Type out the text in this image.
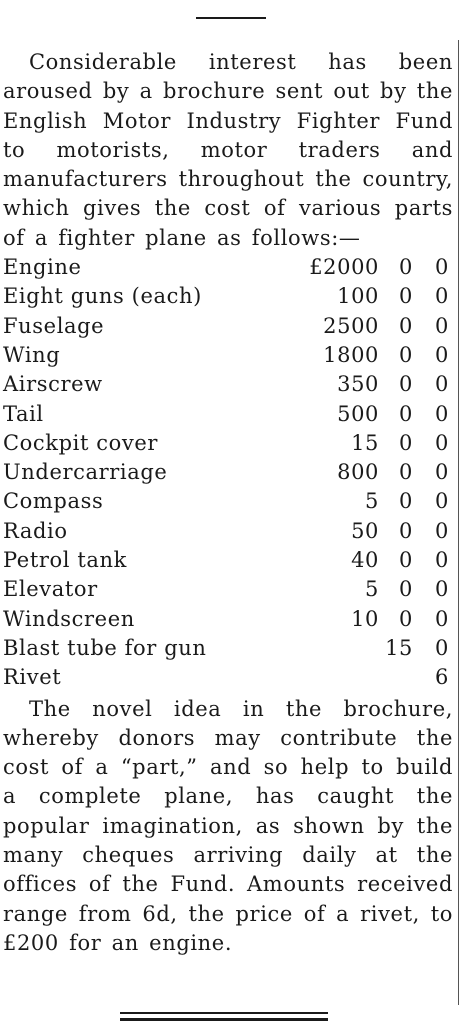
Considerable interest has been aroused by a brochure sent out by the English Motor Industry Fighter Fund to motorists, motor traders and manufacturers throughout the country, which gives the cost of various parts of a fighter plane as follows:—

Engine	£2000 0 0
Eight guns (each)	100 0 0
Fuselage	2500 0 0
Wing	1800 0 0
Airscrew	350 0 0
Tail	500 0 0
Cockpit cover	15 0 0
Undercarriage	800 0 0
Compass	5 0 0
Radio	50 0 0
Petrol tank	40 0 0
Elevator	5 0 0
Windscreen	10 0 0
Blast tube for gun	15 0
Rivet	6

The novel idea in the brochure, whereby donors may contribute the cost of a “part,” and so help to build a complete plane, has caught the popular imagination, as shown by the many cheques arriving daily at the offices of the Fund. Amounts received range from 6d, the price of a rivet, to £200 for an engine.
